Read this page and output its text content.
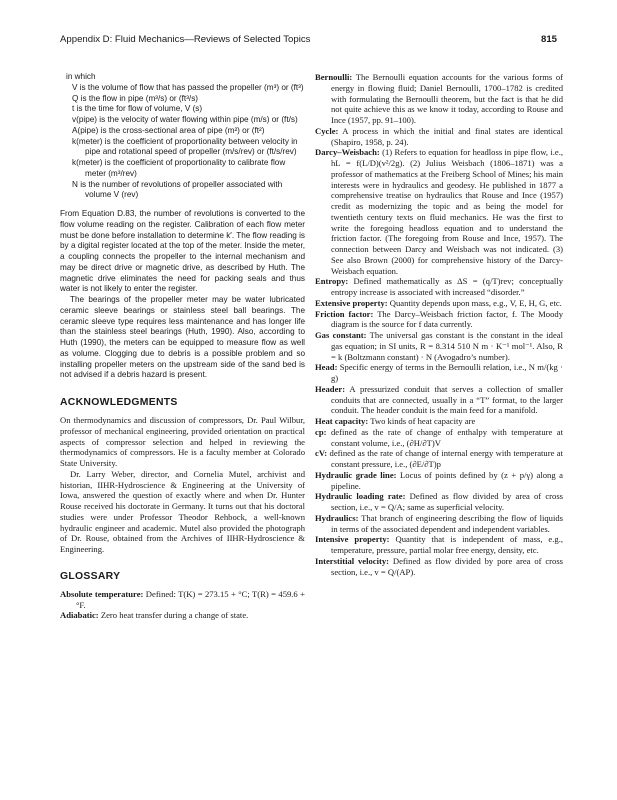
Appendix D: Fluid Mechanics—Reviews of Selected Topics	815

in which

V is the volume of flow that has passed the propeller (m³) or (ft³)

Q is the flow in pipe (m³/s) or (ft³/s)

t is the time for flow of volume, V (s)

v(pipe) is the velocity of water flowing within pipe (m/s) or (ft/s)

A(pipe) is the cross-sectional area of pipe (m²) or (ft²)

k(meter) is the coefficient of proportionality between velocity in pipe and rotational speed of propeller (m/s/rev) or (ft/s/rev)

k(meter) is the coefficient of proportionality to calibrate flow meter (m³/rev)

N is the number of revolutions of propeller associated with volume V (rev)

From Equation D.83, the number of revolutions is converted to the flow volume reading on the register. Calibration of each flow meter must be done before installation to determine k′. The flow reading is by a digital register located at the top of the meter. Inside the meter, a coupling connects the propeller to the internal mechanism and may be direct drive or magnetic drive, as described by Huth. The magnetic drive eliminates the need for packing seals and thus water is not likely to enter the register.

The bearings of the propeller meter may be water lubricated ceramic sleeve bearings or stainless steel ball bearings. The ceramic sleeve type requires less maintenance and has longer life than the stainless steel bearings (Huth, 1990). Also, according to Huth (1990), the meters can be equipped to measure flow as well as volume. Clogging due to debris is a possible problem and so installing propeller meters on the upstream side of the sand bed is not advised if a debris hazard is present.

ACKNOWLEDGMENTS

On thermodynamics and discussion of compressors, Dr. Paul Wilbur, professor of mechanical engineering, provided orientation on practical aspects of compressor selection and helped in reviewing the thermodynamics of compressors. He is a faculty member at Colorado State University.

Dr. Larry Weber, director, and Cornelia Mutel, archivist and historian, IIHR-Hydroscience & Engineering at the University of Iowa, answered the question of exactly where and when Dr. Hunter Rouse received his doctorate in Germany. It turns out that his doctoral studies were under Professor Theodor Rehbock, a well-known hydraulic engineer and academic. Mutel also provided the photograph of Dr. Rouse, obtained from the Archives of IIHR-Hydroscience & Engineering.

GLOSSARY

Absolute temperature: Defined: T(K) = 273.15 + °C; T(R) = 459.6 + °F.

Adiabatic: Zero heat transfer during a change of state.

Bernoulli: The Bernoulli equation accounts for the various forms of energy in flowing fluid; Daniel Bernoulli, 1700–1782 is credited with formulating the Bernoulli theorem, but the fact is that he did not quite achieve this as we know it today, according to Rouse and Ince (1957, pp. 91–100).

Cycle: A process in which the initial and final states are identical (Shapiro, 1958, p. 24).

Darcy–Weisbach: (1) Refers to equation for headloss in pipe flow, i.e., hL = f(L/D)(v²/2g). (2) Julius Weisbach (1806–1871) was a professor of mathematics at the Freiberg School of Mines; his main interests were in hydraulics and geodesy. He published in 1877 a comprehensive treatise on hydraulics that Rouse and Ince (1957) credit as modernizing the topic and as being the model for twentieth century texts on fluid mechanics. He was the first to write the foregoing headloss equation and to understand the friction factor. (The foregoing from Rouse and Ince, 1957). The connection between Darcy and Weisbach was not indicated. (3) See also Brown (2000) for comprehensive history of the Darcy-Weisbach equation.

Entropy: Defined mathematically as ΔS = (q/T)rev; conceptually entropy increase is associated with increased “disorder.”

Extensive property: Quantity depends upon mass, e.g., V, E, H, G, etc.

Friction factor: The Darcy–Weisbach friction factor, f. The Moody diagram is the source for f data currently.

Gas constant: The universal gas constant is the constant in the ideal gas equation; in SI units, R = 8.314 510 N m · K⁻¹ mol⁻¹. Also, R = k (Boltzmann constant) · N (Avogadro’s number).

Head: Specific energy of terms in the Bernoulli relation, i.e., N m/(kg · g)

Header: A pressurized conduit that serves a collection of smaller conduits that are connected, usually in a “T” format, to the larger conduit. The header conduit is the main feed for a manifold.

Heat capacity: Two kinds of heat capacity are

cp: defined as the rate of change of enthalpy with temperature at constant volume, i.e., (∂H/∂T)V

cV: defined as the rate of change of internal energy with temperature at constant pressure, i.e., (∂E/∂T)p

Hydraulic grade line: Locus of points defined by (z + p/γ) along a pipeline.

Hydraulic loading rate: Defined as flow divided by area of cross section, i.e., v = Q/A; same as superficial velocity.

Hydraulics: That branch of engineering describing the flow of liquids in terms of the associated dependent and independent variables.

Intensive property: Quantity that is independent of mass, e.g., temperature, pressure, partial molar free energy, density, etc.

Interstitial velocity: Defined as flow divided by pore area of cross section, i.e., v = Q/(AP).
